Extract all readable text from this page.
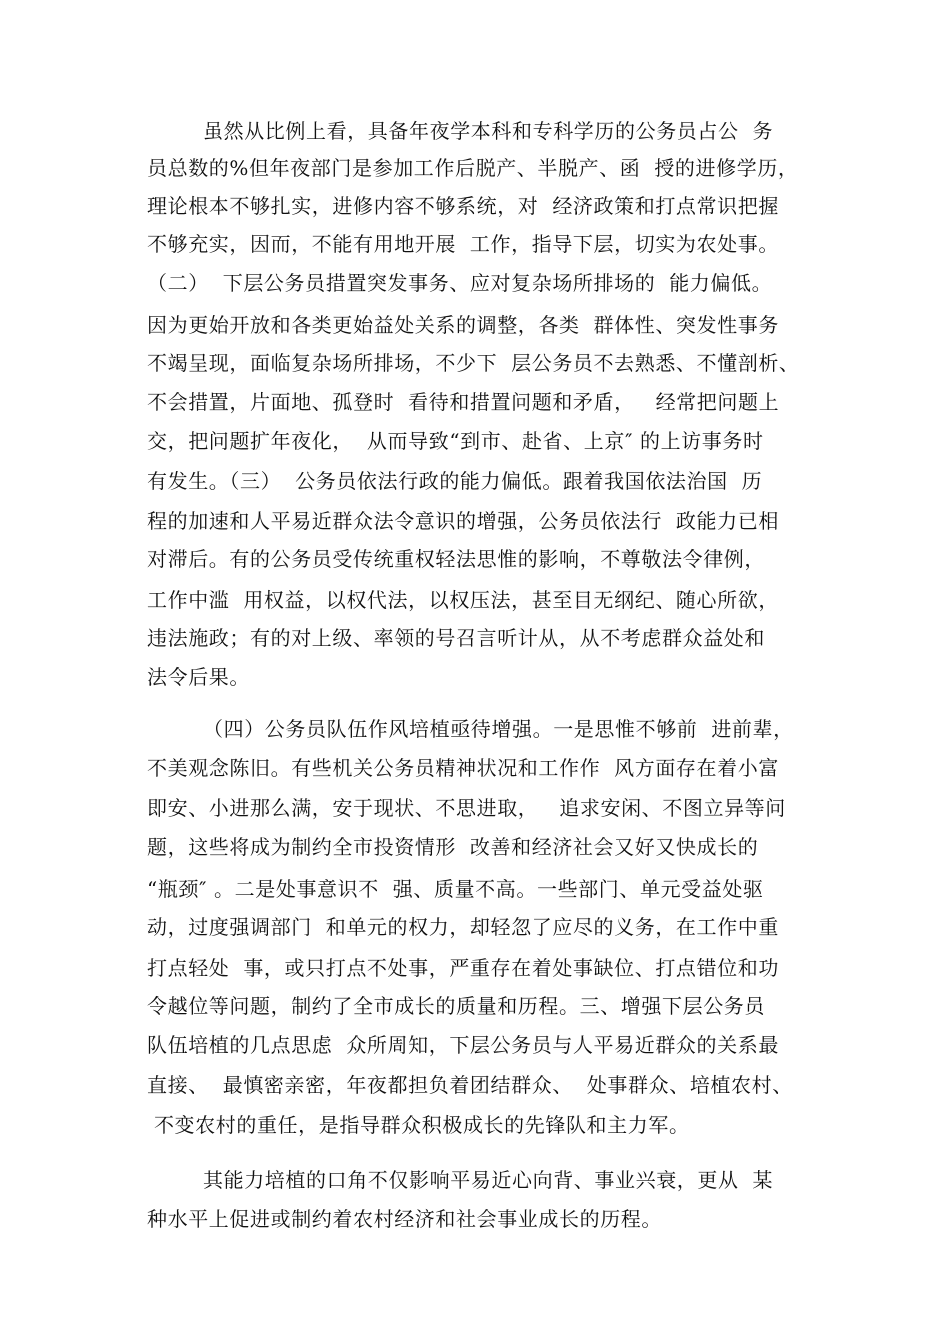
虽然从比例上看，具备年夜学本科和专科学历的公务员占公  务
员总数的%但年夜部门是参加工作后脱产、半脱产、函  授的进修学历，
理论根本不够扎实，进修内容不够系统，对  经济政策和打点常识把握
不够充实，因而，不能有用地开展  工作，指导下层，切实为农处事。
（二）  下层公务员措置突发事务、应对复杂场所排场的  能力偏低。
因为更始开放和各类更始益处关系的调整，各类  群体性、突发性事务
不竭呈现，面临复杂场所排场，不少下  层公务员不去熟悉、不懂剖析、
不会措置，片面地、孤登时  看待和措置问题和矛盾，   经常把问题上
交，把问题扩年夜化，  从而导致“到市、赴省、上京″ 的上访事务时
有发生。（三）  公务员依法行政的能力偏低。跟着我国依法治国  历
程的加速和人平易近群众法令意识的增强，公务员依法行  政能力已相
对滞后。有的公务员受传统重权轻法思惟的影响，不尊敬法令律例，
工作中滥  用权益，以权代法，以权压法，甚至目无纲纪、随心所欲，
违法施政；有的对上级、率领的号召言听计从，从不考虑群众益处和
法令后果。
（四）公务员队伍作风培植亟待增强。一是思惟不够前  进前辈，
不美观念陈旧。有些机关公务员精神状况和工作作  风方面存在着小富
即安、小进那么满，安于现状、不思进取，   追求安闲、不图立异等问
题，这些将成为制约全市投资情形  改善和经济社会又好又快成长的
“瓶颈″ 。二是处事意识不  强、质量不高。一些部门、单元受益处驱
动，过度强调部门  和单元的权力，却轻忽了应尽的义务，在工作中重
打点轻处  事，或只打点不处事，严重存在着处事缺位、打点错位和功
令越位等问题，制约了全市成长的质量和历程。三、增强下层公务员
队伍培植的几点思虑  众所周知，下层公务员与人平易近群众的关系最
直接、  最慎密亲密，年夜都担负着团结群众、  处事群众、培植农村、
不变农村的重任，是指导群众积极成长的先锋队和主力军。
其能力培植的口角不仅影响平易近心向背、事业兴衰，更从  某
种水平上促进或制约着农村经济和社会事业成长的历程。
